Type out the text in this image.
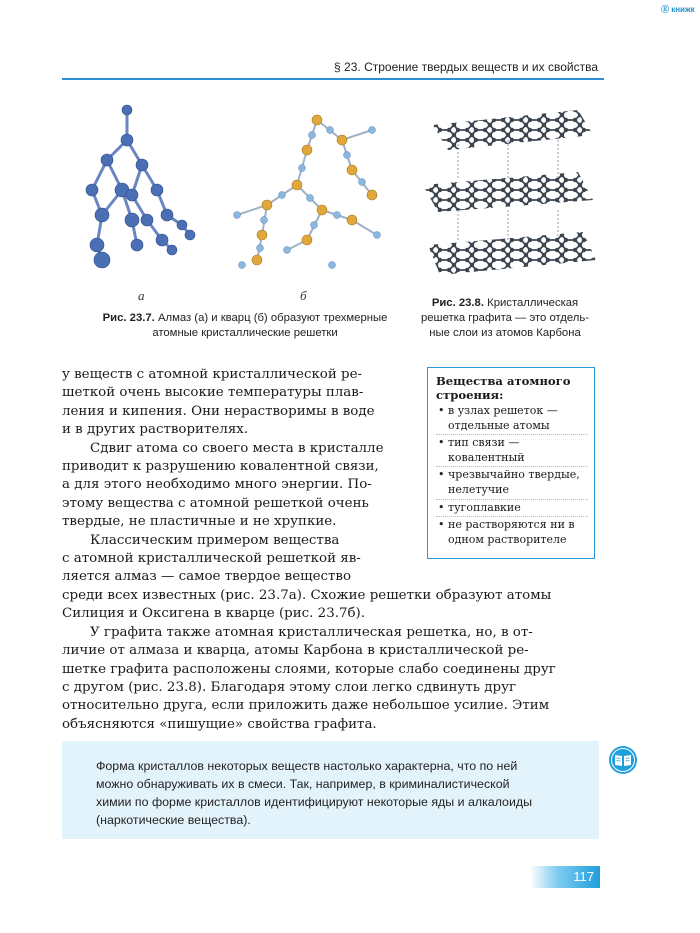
Ⓔ книжк
§ 23. Строение твердых веществ и их свойства
а	б
Рис. 23.7. Алмаз (а) и кварц (б) образуют трехмерные
атомные кристаллические решетки
Рис. 23.8. Кристаллическая
решетка графита — это отдель-
ные слои из атомов Карбона

у веществ с атомной кристаллической ре-

шеткой очень высокие температуры плав-

ления и кипения. Они нерастворимы в воде

и в других растворителях.

Сдвиг атома со своего места в кристалле

приводит к разрушению ковалентной связи,

а для этого необходимо много энергии. По-

этому вещества с атомной решеткой очень

твердые, не пластичные и не хрупкие.

Классическим примером вещества

с атомной кристаллической решеткой яв-

ляется алмаз — самое твердое вещество

Вещества атомного
строения:
• в узлах решеток — отдельные атомы
• тип связи — ковалентный
• чрезвычайно твердые, нелетучие
• тугоплавкие
• не растворяются ни в одном растворителе

среди всех известных (рис. 23.7а). Схожие решетки образуют атомы

Силиция и Оксигена в кварце (рис. 23.7б).

У графита также атомная кристаллическая решетка, но, в от-

личие от алмаза и кварца, атомы Карбона в кристаллической ре-

шетке графита расположены слоями, которые слабо соединены друг

с другом (рис. 23.8). Благодаря этому слои легко сдвинуть друг

относительно друга, если приложить даже небольшое усилие. Этим

объясняются «пишущие» свойства графита.

Форма кристаллов некоторых веществ настолько характерна, что по ней

можно обнаруживать их в смеси. Так, например, в криминалистической

химии по форме кристаллов идентифицируют некоторые яды и алкалоиды

(наркотические вещества).

117
